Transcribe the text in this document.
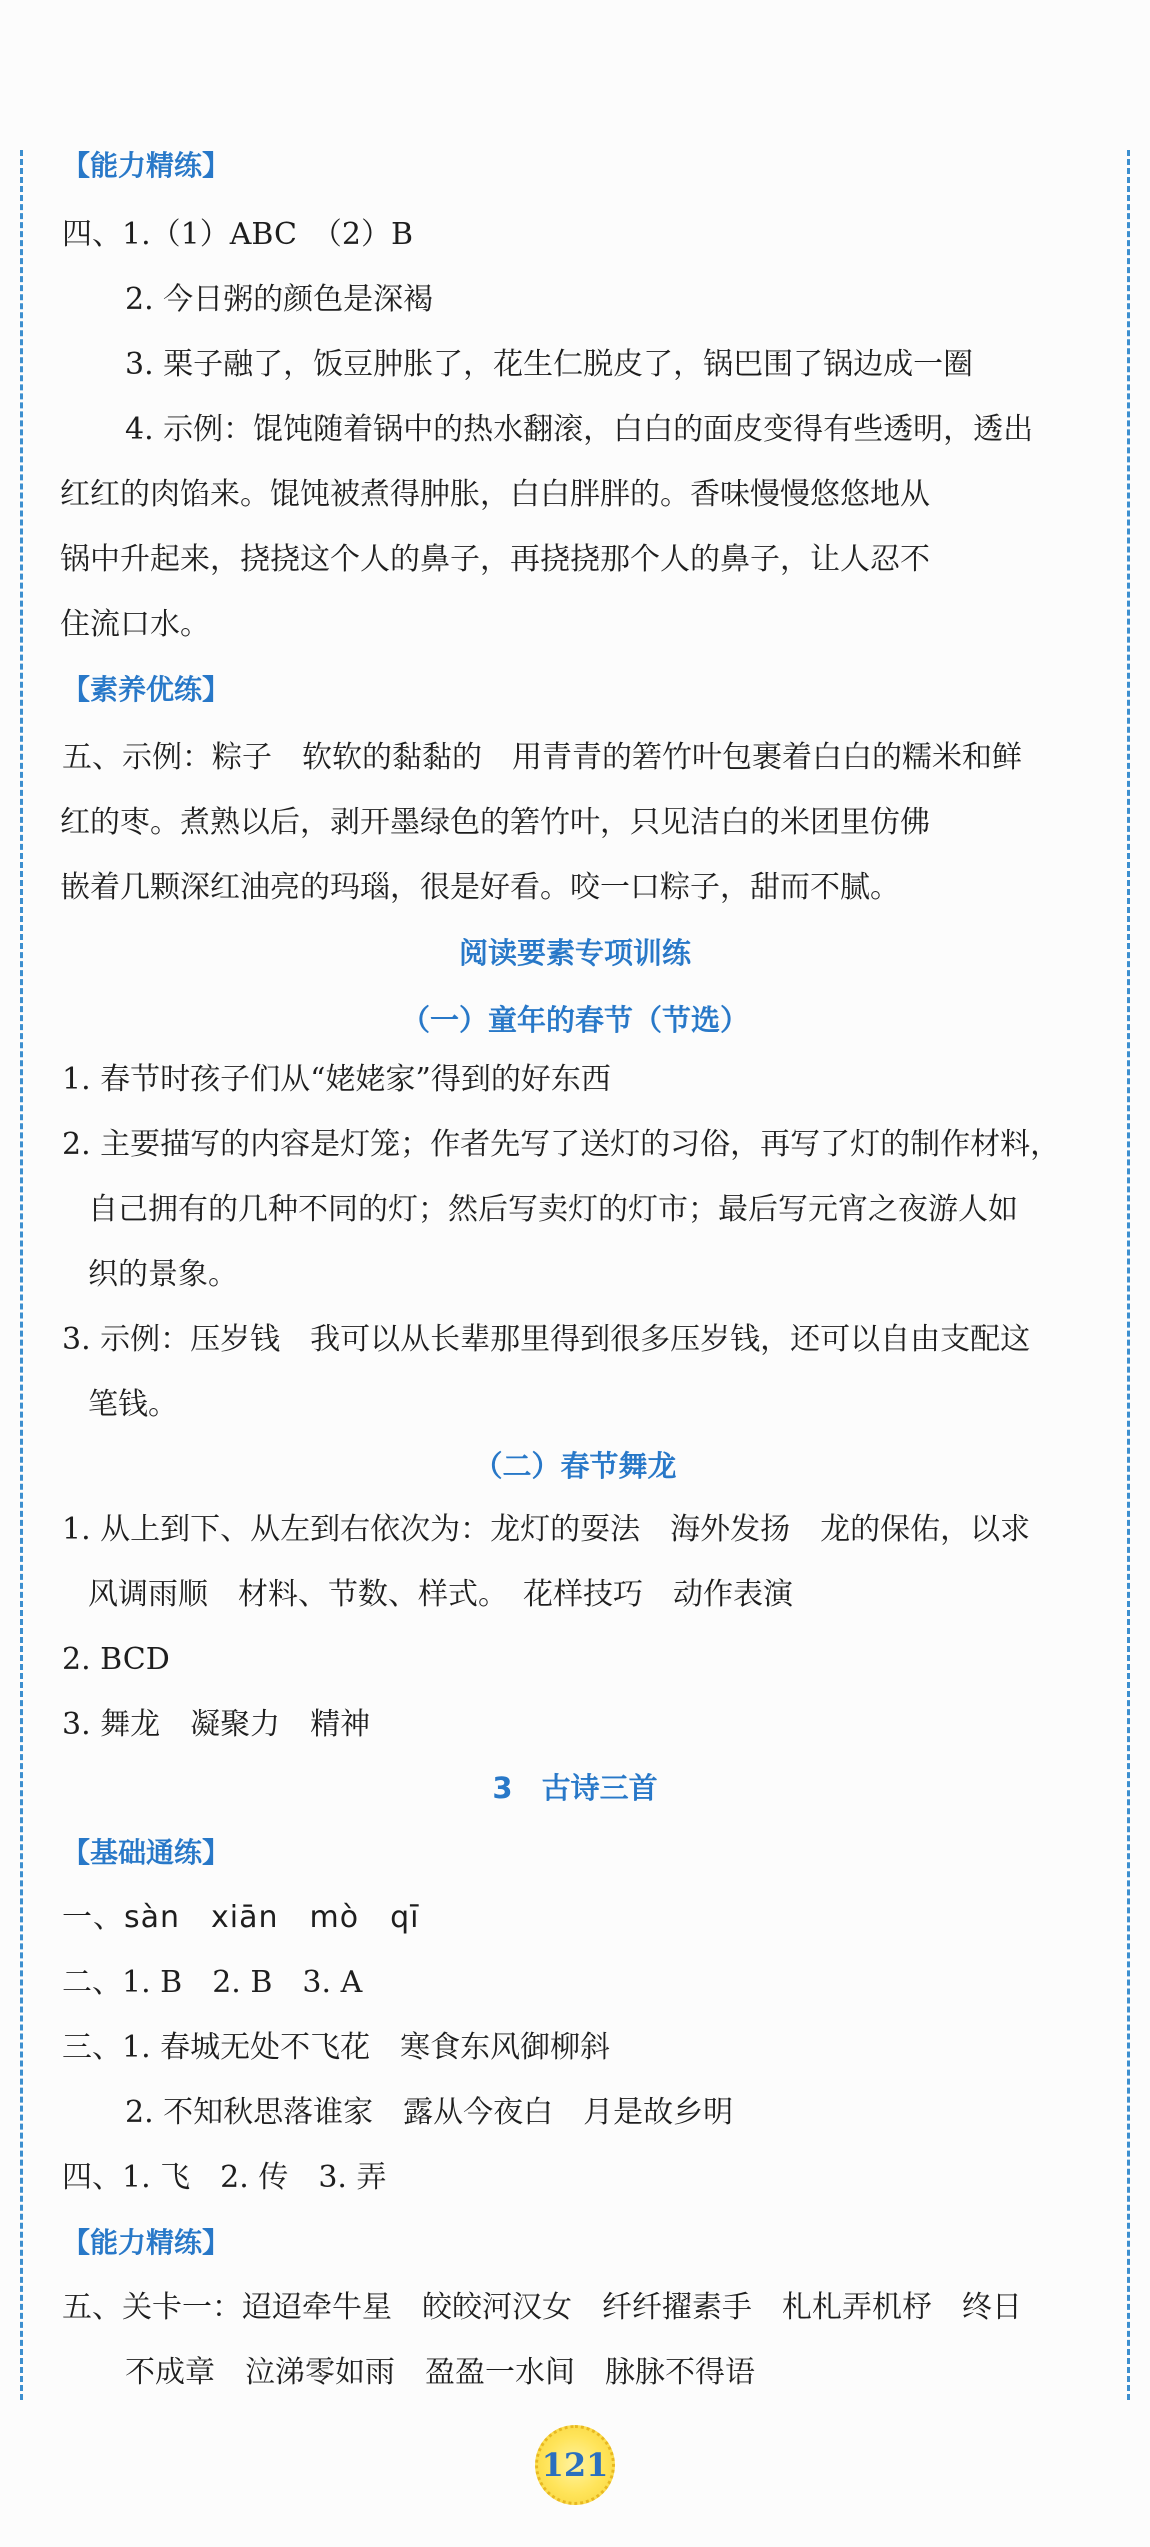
【能力精练】
四、1.（1）ABC　（2）B
2. 今日粥的颜色是深褐
3. 栗子融了，饭豆肿胀了，花生仁脱皮了，锅巴围了锅边成一圈
4. 示例：馄饨随着锅中的热水翻滚，白白的面皮变得有些透明，透出
红红的肉馅来。馄饨被煮得肿胀，白白胖胖的。香味慢慢悠悠地从
锅中升起来，挠挠这个人的鼻子，再挠挠那个人的鼻子，让人忍不
住流口水。
【素养优练】
五、示例：粽子　软软的黏黏的　用青青的箬竹叶包裹着白白的糯米和鲜
红的枣。煮熟以后，剥开墨绿色的箬竹叶，只见洁白的米团里仿佛
嵌着几颗深红油亮的玛瑙，很是好看。咬一口粽子，甜而不腻。
阅读要素专项训练
（一）童年的春节（节选）
1. 春节时孩子们从“姥姥家”得到的好东西
2. 主要描写的内容是灯笼；作者先写了送灯的习俗，再写了灯的制作材料，
自己拥有的几种不同的灯；然后写卖灯的灯市；最后写元宵之夜游人如
织的景象。
3. 示例：压岁钱　我可以从长辈那里得到很多压岁钱，还可以自由支配这
笔钱。
（二）春节舞龙
1. 从上到下、从左到右依次为：龙灯的耍法　海外发扬　龙的保佑，以求
风调雨顺　材料、节数、样式。　花样技巧　动作表演
2. BCD
3. 舞龙　凝聚力　精神
3　古诗三首
【基础通练】
一、sàn　xiān　mò　qī
二、1. B　2. B　3. A
三、1. 春城无处不飞花　寒食东风御柳斜
2. 不知秋思落谁家　露从今夜白　月是故乡明
四、1. 飞　2. 传　3. 弄
【能力精练】
五、关卡一：迢迢牵牛星　皎皎河汉女　纤纤擢素手　札札弄机杼　终日
不成章　泣涕零如雨　盈盈一水间　脉脉不得语
121
